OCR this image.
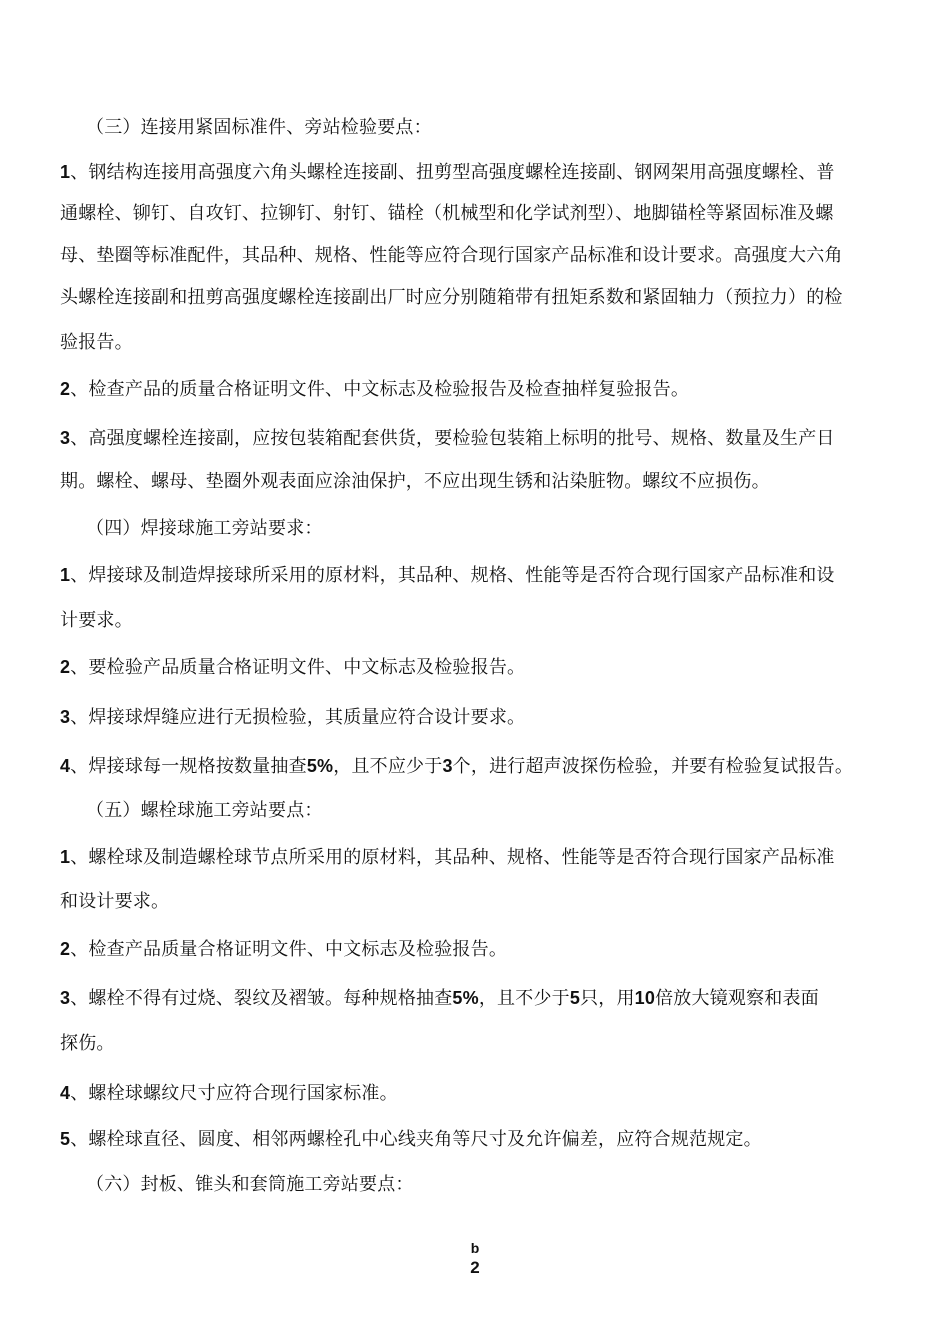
（三）连接用紧固标准件、旁站检验要点：
1、钢结构连接用高强度六角头螺栓连接副、扭剪型高强度螺栓连接副、钢网架用高强度螺栓、普
通螺栓、铆钉、自攻钉、拉铆钉、射钉、锚栓（机械型和化学试剂型）、地脚锚栓等紧固标准及螺
母、垫圈等标准配件，其品种、规格、性能等应符合现行国家产品标准和设计要求。高强度大六角
头螺栓连接副和扭剪高强度螺栓连接副出厂时应分别随箱带有扭矩系数和紧固轴力（预拉力）的检
验报告。
2、检查产品的质量合格证明文件、中文标志及检验报告及检查抽样复验报告。
3、高强度螺栓连接副，应按包装箱配套供货，要检验包装箱上标明的批号、规格、数量及生产日
期。螺栓、螺母、垫圈外观表面应涂油保护，不应出现生锈和沾染脏物。螺纹不应损伤。
（四）焊接球施工旁站要求：
1、焊接球及制造焊接球所采用的原材料，其品种、规格、性能等是否符合现行国家产品标准和设
计要求。
2、要检验产品质量合格证明文件、中文标志及检验报告。
3、焊接球焊缝应进行无损检验，其质量应符合设计要求。
4、焊接球每一规格按数量抽查5%，且不应少于3个，进行超声波探伤检验，并要有检验复试报告。
（五）螺栓球施工旁站要点：
1、螺栓球及制造螺栓球节点所采用的原材料，其品种、规格、性能等是否符合现行国家产品标准
和设计要求。
2、检查产品质量合格证明文件、中文标志及检验报告。
3、螺栓不得有过烧、裂纹及褶皱。每种规格抽查5%，且不少于5只，用10倍放大镜观察和表面
探伤。
4、螺栓球螺纹尺寸应符合现行国家标准。
5、螺栓球直径、圆度、相邻两螺栓孔中心线夹角等尺寸及允许偏差，应符合规范规定。
（六）封板、锥头和套筒施工旁站要点：
b
2
